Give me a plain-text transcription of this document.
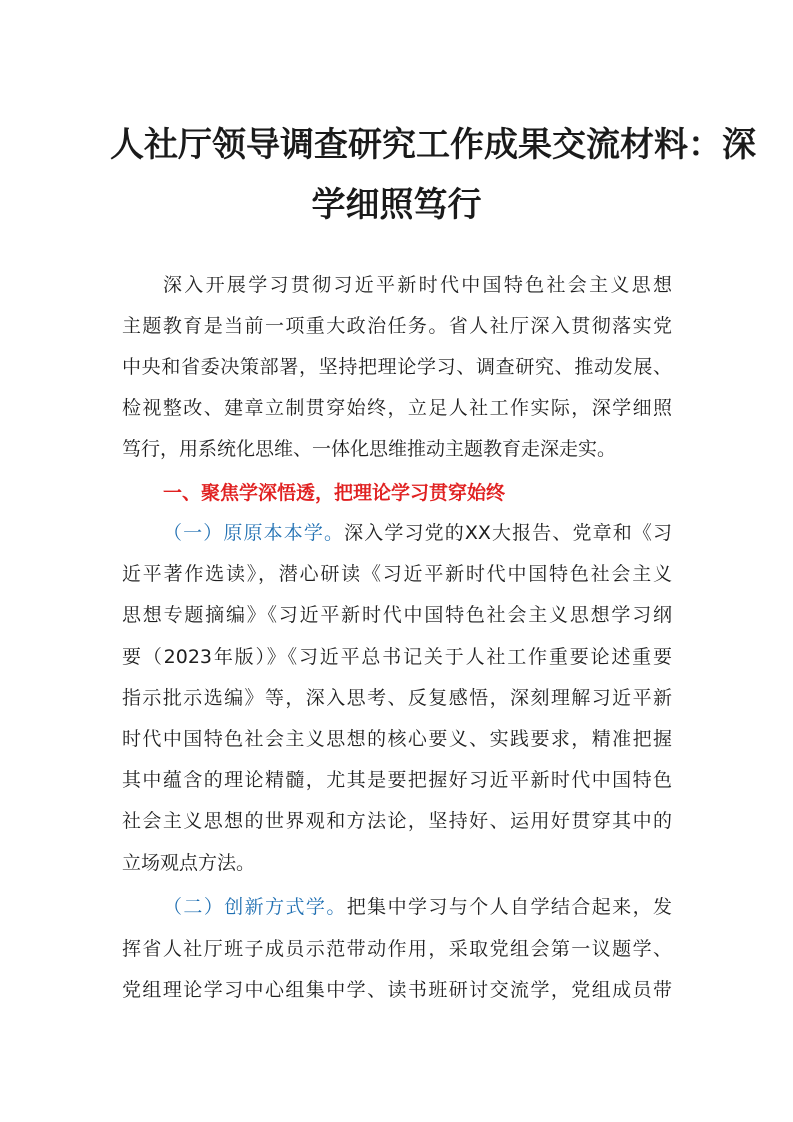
人社厅领导调查研究工作成果交流材料：深
学细照笃行
深入开展学习贯彻习近平新时代中国特色社会主义思想
主题教育是当前一项重大政治任务。省人社厅深入贯彻落实党
中央和省委决策部署，坚持把理论学习、调查研究、推动发展、
检视整改、建章立制贯穿始终，立足人社工作实际，深学细照
笃行，用系统化思维、一体化思维推动主题教育走深走实。
一、聚焦学深悟透，把理论学习贯穿始终
（一）原原本本学。深入学习党的XX大报告、党章和《习
近平著作选读》，潜心研读《习近平新时代中国特色社会主义
思想专题摘编》《习近平新时代中国特色社会主义思想学习纲
要（2023年版）》《习近平总书记关于人社工作重要论述重要
指示批示选编》等，深入思考、反复感悟，深刻理解习近平新
时代中国特色社会主义思想的核心要义、实践要求，精准把握
其中蕴含的理论精髓，尤其是要把握好习近平新时代中国特色
社会主义思想的世界观和方法论，坚持好、运用好贯穿其中的
立场观点方法。
（二）创新方式学。把集中学习与个人自学结合起来，发
挥省人社厅班子成员示范带动作用，采取党组会第一议题学、
党组理论学习中心组集中学、读书班研讨交流学，党组成员带
